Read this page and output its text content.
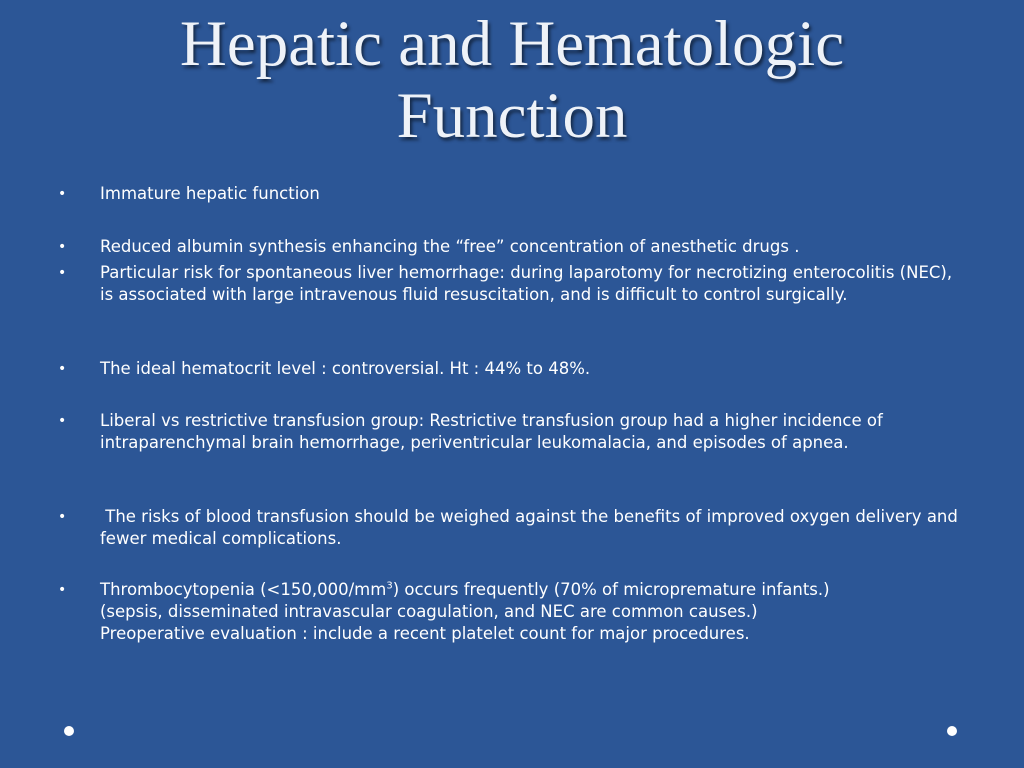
Hepatic and Hematologic
Function
•	Immature hepatic function
•	Reduced albumin synthesis enhancing the “free” concentration of anesthetic drugs .
•	Particular risk for spontaneous liver hemorrhage: during laparotomy for necrotizing enterocolitis (NEC), is associated with large intravenous fluid resuscitation, and is difficult to control surgically.
•	The ideal hematocrit level : controversial. Ht : 44% to 48%.
•	Liberal vs restrictive transfusion group: Restrictive transfusion group had a higher incidence of intraparenchymal brain hemorrhage, periventricular leukomalacia, and episodes of apnea.
•	The risks of blood transfusion should be weighed against the benefits of improved oxygen delivery and fewer medical complications.
•	Thrombocytopenia $(<150,000/mm^3)$ occurs frequently (70% of micropremature infants.)
(sepsis, disseminated intravascular coagulation, and NEC are common causes.)
Preoperative evaluation : include a recent platelet count for major procedures.
